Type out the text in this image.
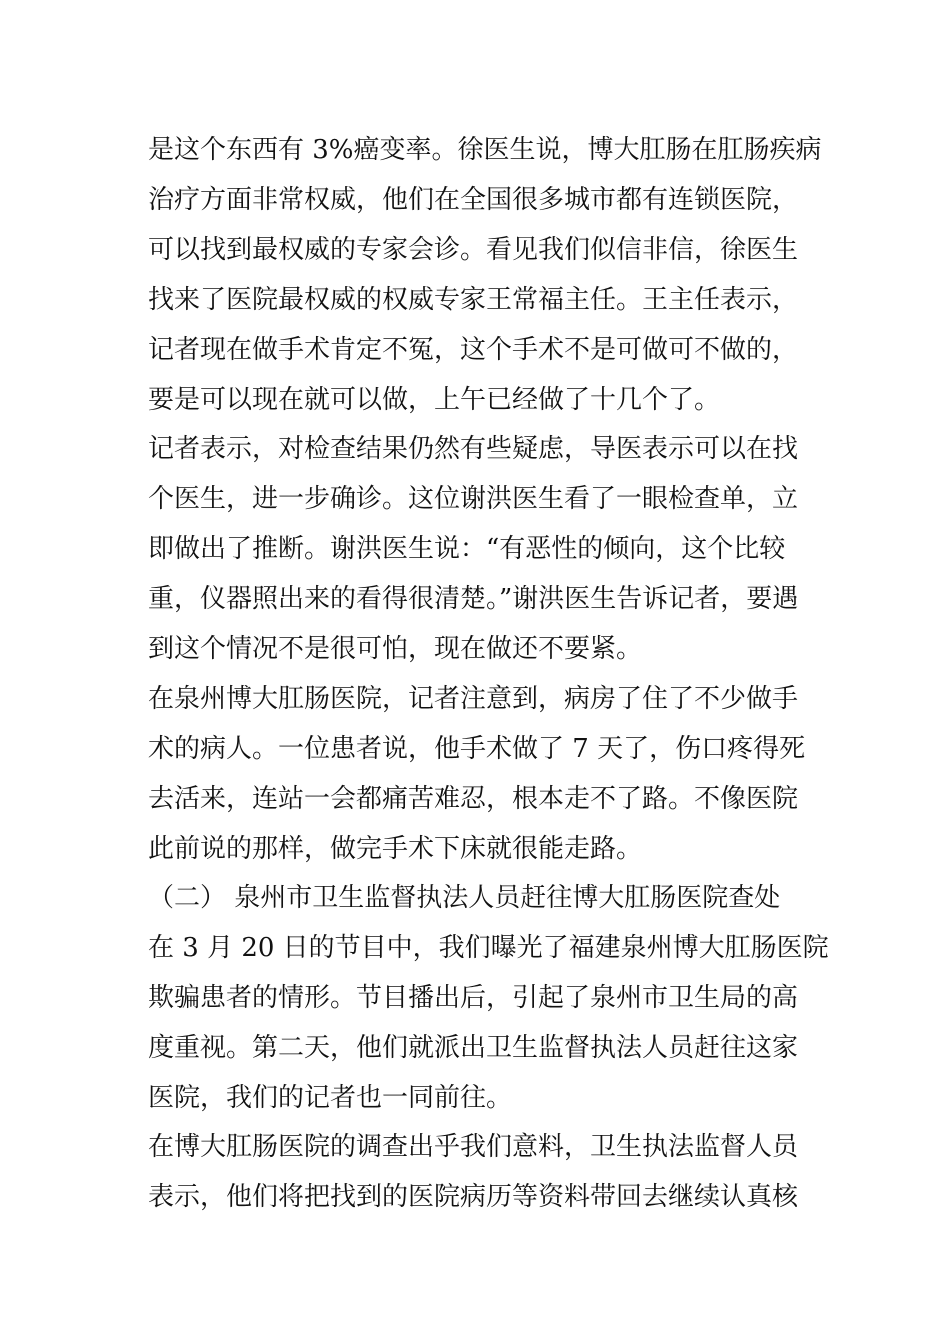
是这个东西有 3%癌变率。徐医生说，博大肛肠在肛肠疾病
治疗方面非常权威，他们在全国很多城市都有连锁医院，
可以找到最权威的专家会诊。看见我们似信非信，徐医生
找来了医院最权威的权威专家王常福主任。王主任表示，
记者现在做手术肯定不冤，这个手术不是可做可不做的，
要是可以现在就可以做，上午已经做了十几个了。
记者表示，对检查结果仍然有些疑虑，导医表示可以在找
个医生，进一步确诊。这位谢洪医生看了一眼检查单，立
即做出了推断。谢洪医生说：“有恶性的倾向，这个比较
重，仪器照出来的看得很清楚。”谢洪医生告诉记者，要遇
到这个情况不是很可怕，现在做还不要紧。
在泉州博大肛肠医院，记者注意到，病房了住了不少做手
术的病人。一位患者说，他手术做了 7 天了，伤口疼得死
去活来，连站一会都痛苦难忍，根本走不了路。不像医院
此前说的那样，做完手术下床就很能走路。
（二） 泉州市卫生监督执法人员赶往博大肛肠医院查处
在 3 月 20 日的节目中，我们曝光了福建泉州博大肛肠医院
欺骗患者的情形。节目播出后，引起了泉州市卫生局的高
度重视。第二天，他们就派出卫生监督执法人员赶往这家
医院，我们的记者也一同前往。
在博大肛肠医院的调查出乎我们意料，卫生执法监督人员
表示，他们将把找到的医院病历等资料带回去继续认真核
